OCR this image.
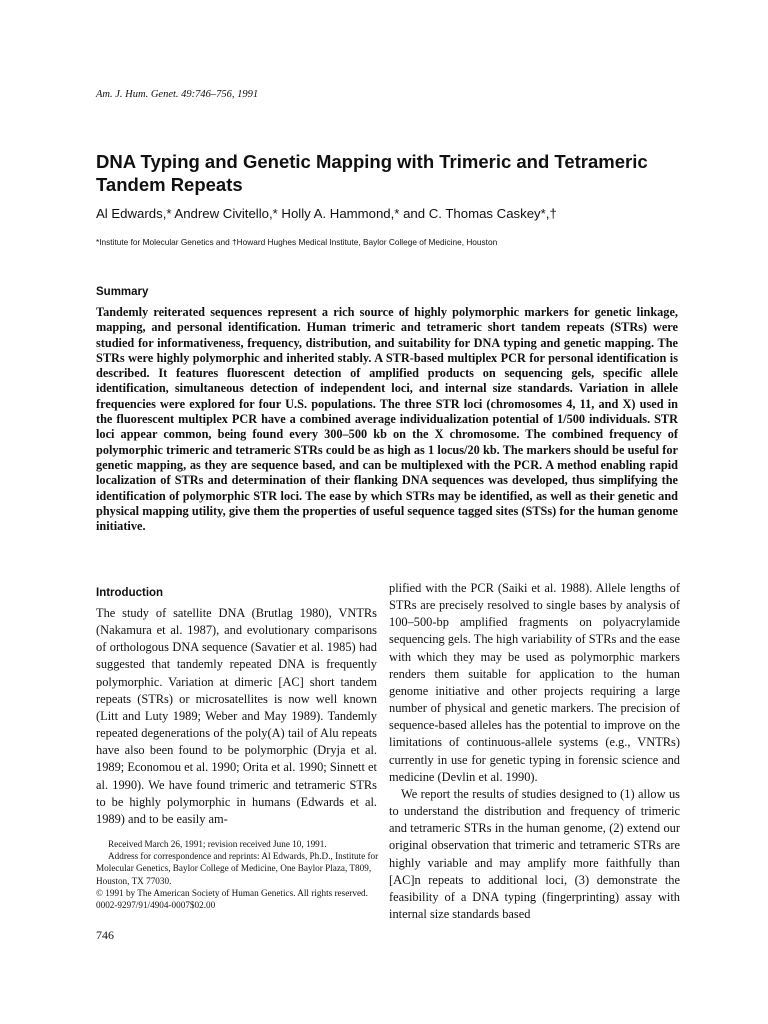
Am. J. Hum. Genet. 49:746–756, 1991
DNA Typing and Genetic Mapping with Trimeric and Tetrameric Tandem Repeats
Al Edwards,* Andrew Civitello,* Holly A. Hammond,* and C. Thomas Caskey*,†
*Institute for Molecular Genetics and †Howard Hughes Medical Institute, Baylor College of Medicine, Houston
Summary

Tandemly reiterated sequences represent a rich source of highly polymorphic markers for genetic linkage, mapping, and personal identification. Human trimeric and tetrameric short tandem repeats (STRs) were studied for informativeness, frequency, distribution, and suitability for DNA typing and genetic mapping. The STRs were highly polymorphic and inherited stably. A STR-based multiplex PCR for personal identification is described. It features fluorescent detection of amplified products on sequencing gels, specific allele identification, simultaneous detection of independent loci, and internal size standards. Variation in allele frequencies were explored for four U.S. populations. The three STR loci (chromosomes 4, 11, and X) used in the fluorescent multiplex PCR have a combined average individualization potential of 1/500 individuals. STR loci appear common, being found every 300–500 kb on the X chromosome. The combined frequency of polymorphic trimeric and tetrameric STRs could be as high as 1 locus/20 kb. The markers should be useful for genetic mapping, as they are sequence based, and can be multiplexed with the PCR. A method enabling rapid localization of STRs and determination of their flanking DNA sequences was developed, thus simplifying the identification of polymorphic STR loci. The ease by which STRs may be identified, as well as their genetic and physical mapping utility, give them the properties of useful sequence tagged sites (STSs) for the human genome initiative.

Introduction

The study of satellite DNA (Brutlag 1980), VNTRs (Nakamura et al. 1987), and evolutionary comparisons of orthologous DNA sequence (Savatier et al. 1985) had suggested that tandemly repeated DNA is frequently polymorphic. Variation at dimeric [AC] short tandem repeats (STRs) or microsatellites is now well known (Litt and Luty 1989; Weber and May 1989). Tandemly repeated degenerations of the poly(A) tail of Alu repeats have also been found to be polymorphic (Dryja et al. 1989; Economou et al. 1990; Orita et al. 1990; Sinnett et al. 1990). We have found trimeric and tetrameric STRs to be highly polymorphic in humans (Edwards et al. 1989) and to be easily am-

plified with the PCR (Saiki et al. 1988). Allele lengths of STRs are precisely resolved to single bases by analysis of 100–500-bp amplified fragments on polyacrylamide sequencing gels. The high variability of STRs and the ease with which they may be used as polymorphic markers renders them suitable for application to the human genome initiative and other projects requiring a large number of physical and genetic markers. The precision of sequence-based alleles has the potential to improve on the limitations of continuous-allele systems (e.g., VNTRs) currently in use for genetic typing in forensic science and medicine (Devlin et al. 1990).

We report the results of studies designed to (1) allow us to understand the distribution and frequency of trimeric and tetrameric STRs in the human genome, (2) extend our original observation that trimeric and tetrameric STRs are highly variable and may amplify more faithfully than [AC]n repeats to additional loci, (3) demonstrate the feasibility of a DNA typing (fingerprinting) assay with internal size standards based

Received March 26, 1991; revision received June 10, 1991.

Address for correspondence and reprints: Al Edwards, Ph.D., Institute for Molecular Genetics, Baylor College of Medicine, One Baylor Plaza, T809, Houston, TX 77030.

© 1991 by The American Society of Human Genetics. All rights reserved.

0002-9297/91/4904-0007$02.00

746
